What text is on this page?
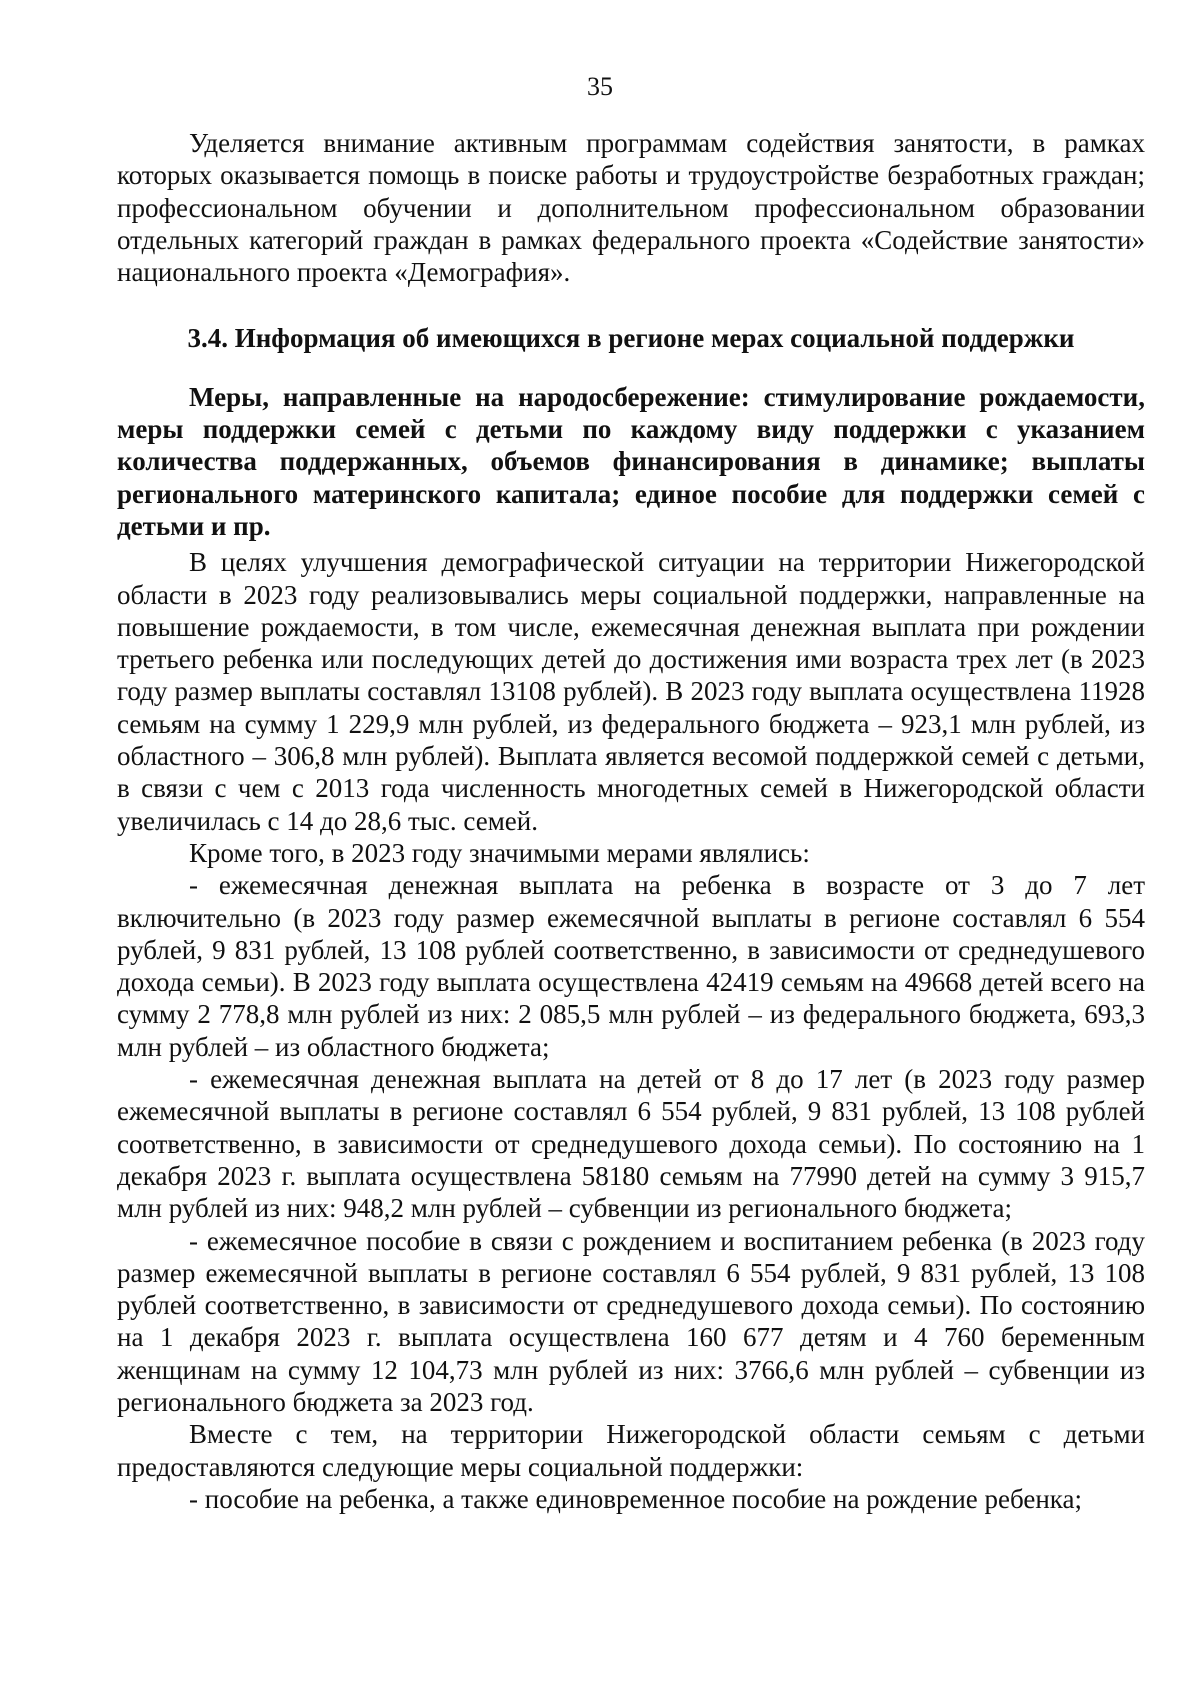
35

Уделяется внимание активным программам содействия занятости, в рамках которых оказывается помощь в поиске работы и трудоустройстве безработных граждан; профессиональном обучении и дополнительном профессиональном образовании отдельных категорий граждан в рамках федерального проекта «Содействие занятости» национального проекта «Демография».

3.4. Информация об имеющихся в регионе мерах социальной поддержки

Меры, направленные на народосбережение: стимулирование рождаемости, меры поддержки семей с детьми по каждому виду поддержки с указанием количества поддержанных, объемов финансирования в динамике; выплаты регионального материнского капитала; единое пособие для поддержки семей с детьми и пр.

В целях улучшения демографической ситуации на территории Нижегородской области в 2023 году реализовывались меры социальной поддержки, направленные на повышение рождаемости, в том числе, ежемесячная денежная выплата при рождении третьего ребенка или последующих детей до достижения ими возраста трех лет (в 2023 году размер выплаты составлял 13108 рублей). В 2023 году выплата осуществлена 11928 семьям на сумму 1 229,9 млн рублей, из федерального бюджета – 923,1 млн рублей, из областного – 306,8 млн рублей). Выплата является весомой поддержкой семей с детьми, в связи с чем с 2013 года численность многодетных семей в Нижегородской области увеличилась с 14 до 28,6 тыс. семей.

Кроме того, в 2023 году значимыми мерами являлись:

- ежемесячная денежная выплата на ребенка в возрасте от 3 до 7 лет включительно (в 2023 году размер ежемесячной выплаты в регионе составлял 6 554 рублей, 9 831 рублей, 13 108 рублей соответственно, в зависимости от среднедушевого дохода семьи). В 2023 году выплата осуществлена 42419 семьям на 49668 детей всего на сумму 2 778,8 млн рублей из них: 2 085,5 млн рублей – из федерального бюджета, 693,3 млн рублей – из областного бюджета;

- ежемесячная денежная выплата на детей от 8 до 17 лет (в 2023 году размер ежемесячной выплаты в регионе составлял 6 554 рублей, 9 831 рублей, 13 108 рублей соответственно, в зависимости от среднедушевого дохода семьи). По состоянию на 1 декабря 2023 г. выплата осуществлена 58180 семьям на 77990 детей на сумму 3 915,7 млн рублей из них: 948,2 млн рублей – субвенции из регионального бюджета;

- ежемесячное пособие в связи с рождением и воспитанием ребенка (в 2023 году размер ежемесячной выплаты в регионе составлял 6 554 рублей, 9 831 рублей, 13 108 рублей соответственно, в зависимости от среднедушевого дохода семьи). По состоянию на 1 декабря 2023 г. выплата осуществлена 160 677 детям и 4 760 беременным женщинам на сумму 12 104,73 млн рублей из них: 3766,6 млн рублей – субвенции из регионального бюджета за 2023 год.

Вместе с тем, на территории Нижегородской области семьям с детьми предоставляются следующие меры социальной поддержки:

- пособие на ребенка, а также единовременное пособие на рождение ребенка;
